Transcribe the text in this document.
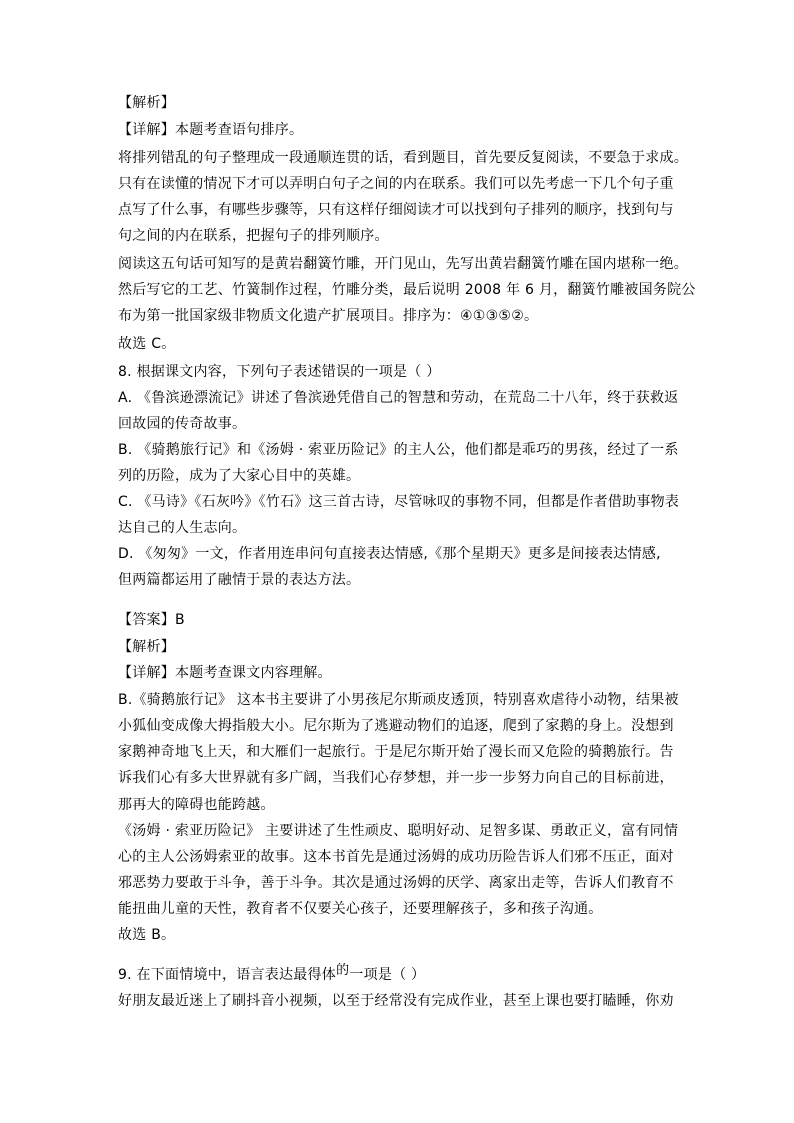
【解析】
【详解】本题考查语句排序。
将排列错乱的句子整理成一段通顺连贯的话，看到题目，首先要反复阅读，不要急于求成。
只有在读懂的情况下才可以弄明白句子之间的内在联系。我们可以先考虑一下几个句子重
点写了什么事，有哪些步骤等，只有这样仔细阅读才可以找到句子排列的顺序，找到句与
句之间的内在联系，把握句子的排列顺序。
阅读这五句话可知写的是黄岩翻簧竹雕，开门见山，先写出黄岩翻簧竹雕在国内堪称一绝。
然后写它的工艺、竹簧制作过程，竹雕分类，最后说明 2008 年 6 月，翻簧竹雕被国务院公
布为第一批国家级非物质文化遗产扩展项目。排序为：④①③⑤②。
故选 C。
8. 根据课文内容，下列句子表述错误的一项是（ ）
A. 《鲁滨逊漂流记》讲述了鲁滨逊凭借自己的智慧和劳动，在荒岛二十八年，终于获救返
回故园的传奇故事。
B. 《骑鹅旅行记》和《汤姆 · 索亚历险记》的主人公，他们都是乖巧的男孩，经过了一系
列的历险，成为了大家心目中的英雄。
C. 《马诗》《石灰吟》《竹石》这三首古诗，尽管咏叹的事物不同，但都是作者借助事物表
达自己的人生志向。
D. 《匆匆》一文，作者用连串问句直接表达情感,《那个星期天》更多是间接表达情感,
但两篇都运用了融情于景的表达方法。
【答案】B
【解析】
【详解】本题考查课文内容理解。
B.《骑鹅旅行记》 这本书主要讲了小男孩尼尔斯顽皮透顶，特别喜欢虐待小动物，结果被
小狐仙变成像大拇指般大小。尼尔斯为了逃避动物们的追逐，爬到了家鹅的身上。没想到
家鹅神奇地飞上天，和大雁们一起旅行。于是尼尔斯开始了漫长而又危险的骑鹅旅行。告
诉我们心有多大世界就有多广阔，当我们心存梦想，并一步一步努力向自己的目标前进，
那再大的障碍也能跨越。
《汤姆 · 索亚历险记》 主要讲述了生性顽皮、聪明好动、足智多谋、勇敢正义，富有同情
心的主人公汤姆索亚的故事。这本书首先是通过汤姆的成功历险告诉人们邪不压正，面对
邪恶势力要敢于斗争，善于斗争。其次是通过汤姆的厌学、离家出走等，告诉人们教育不
能扭曲儿童的天性，教育者不仅要关心孩子，还要理解孩子，多和孩子沟通。
故选 B。
9. 在下面情境中，语言表达最得体的一项是（ ）
好朋友最近迷上了刷抖音小视频，以至于经常没有完成作业，甚至上课也要打瞌睡，你劝
